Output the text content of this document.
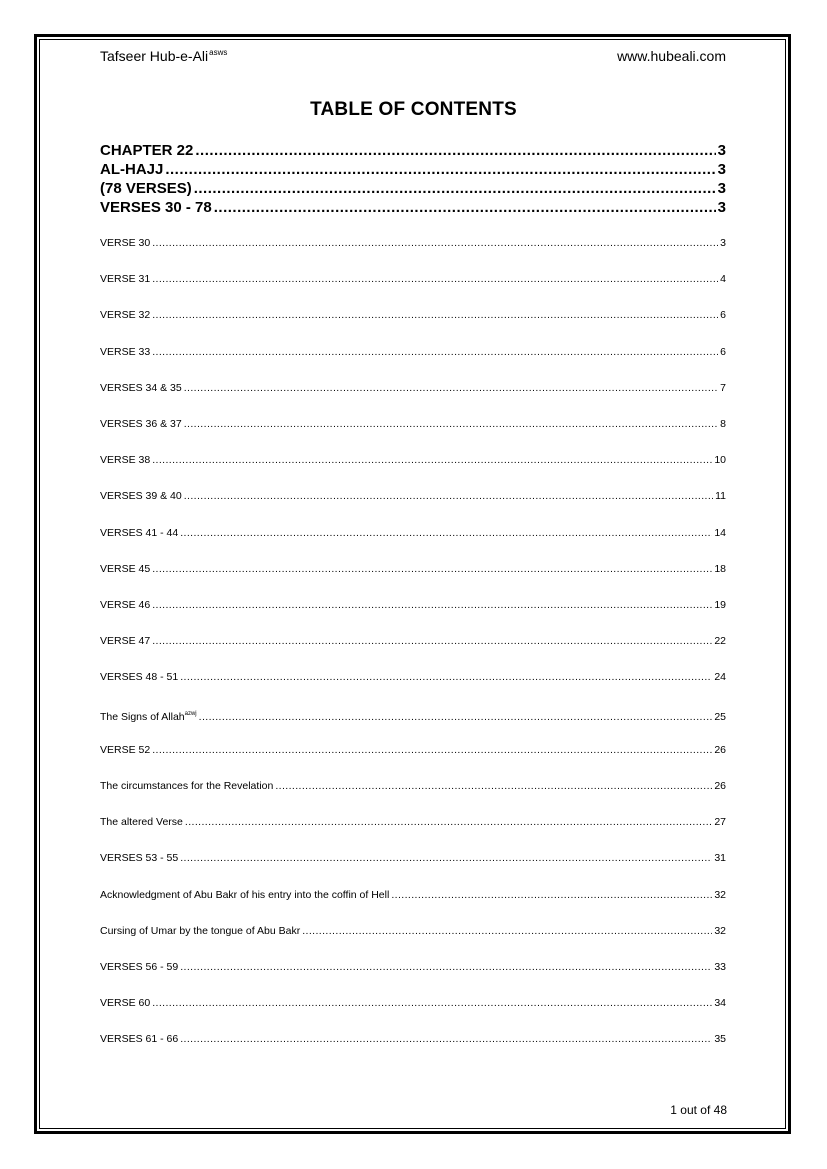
Tafseer Hub-e-Ali$^{asws}$	www.hubeali.com
TABLE OF CONTENTS
CHAPTER 22 .....	3
AL-HAJJ .....	3
(78 VERSES) .....	3
VERSES 30 - 78 .....	3
VERSE 30 .....	3
VERSE 31 .....	4
VERSE 32 .....	6
VERSE 33 .....	6
VERSES 34 & 35 .....	7
VERSES 36 & 37 .....	8
VERSE 38 .....	10
VERSES 39 & 40 .....	11
VERSES 41 - 44 .....	14
VERSE 45 .....	18
VERSE 46 .....	19
VERSE 47 .....	22
VERSES 48 - 51 .....	24
The Signs of Allah$^{azwj}$ .....	25
VERSE 52 .....	26
The circumstances for the Revelation .....	26
The altered Verse .....	27
VERSES 53 - 55 .....	31
Acknowledgment of Abu Bakr of his entry into the coffin of Hell .....	32
Cursing of Umar by the tongue of Abu Bakr .....	32
VERSES 56 - 59 .....	33
VERSE 60 .....	34
VERSES 61 - 66 .....	35
1 out of 48
